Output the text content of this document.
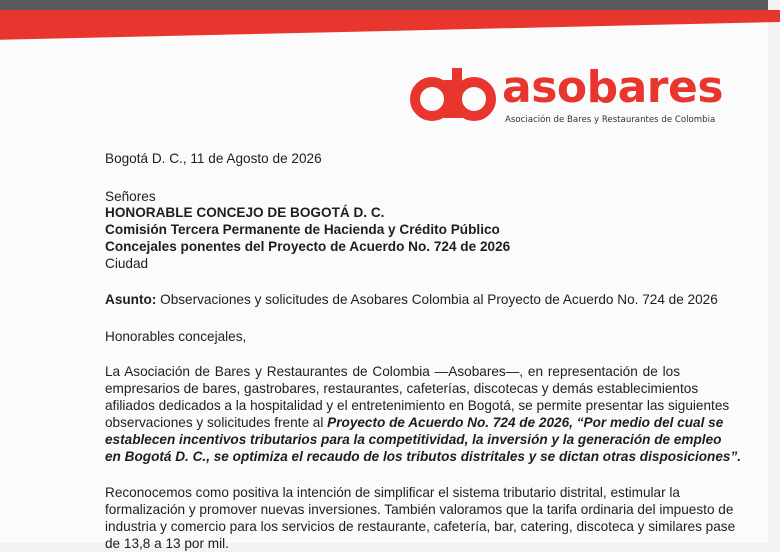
asobares
Asociación de Bares y Restaurantes de Colombia

Bogotá D. C., 11 de Agosto de 2026

Señores

HONORABLE CONCEJO DE BOGOTÁ D. C.

Comisión Tercera Permanente de Hacienda y Crédito Público

Concejales ponentes del Proyecto de Acuerdo No. 724 de 2026

Ciudad

Asunto: Observaciones y solicitudes de Asobares Colombia al Proyecto de Acuerdo No. 724 de 2026

Honorables concejales,

La Asociación de Bares y Restaurantes de Colombia —Asobares—, en representación de los

empresarios de bares, gastrobares, restaurantes, cafeterías, discotecas y demás establecimientos

afiliados dedicados a la hospitalidad y el entretenimiento en Bogotá, se permite presentar las siguientes

observaciones y solicitudes frente al Proyecto de Acuerdo No. 724 de 2026, “Por medio del cual se

establecen incentivos tributarios para la competitividad, la inversión y la generación de empleo

en Bogotá D. C., se optimiza el recaudo de los tributos distritales y se dictan otras disposiciones”.

Reconocemos como positiva la intención de simplificar el sistema tributario distrital, estimular la

formalización y promover nuevas inversiones. También valoramos que la tarifa ordinaria del impuesto de

industria y comercio para los servicios de restaurante, cafetería, bar, catering, discoteca y similares pase

de 13,8 a 13 por mil.
